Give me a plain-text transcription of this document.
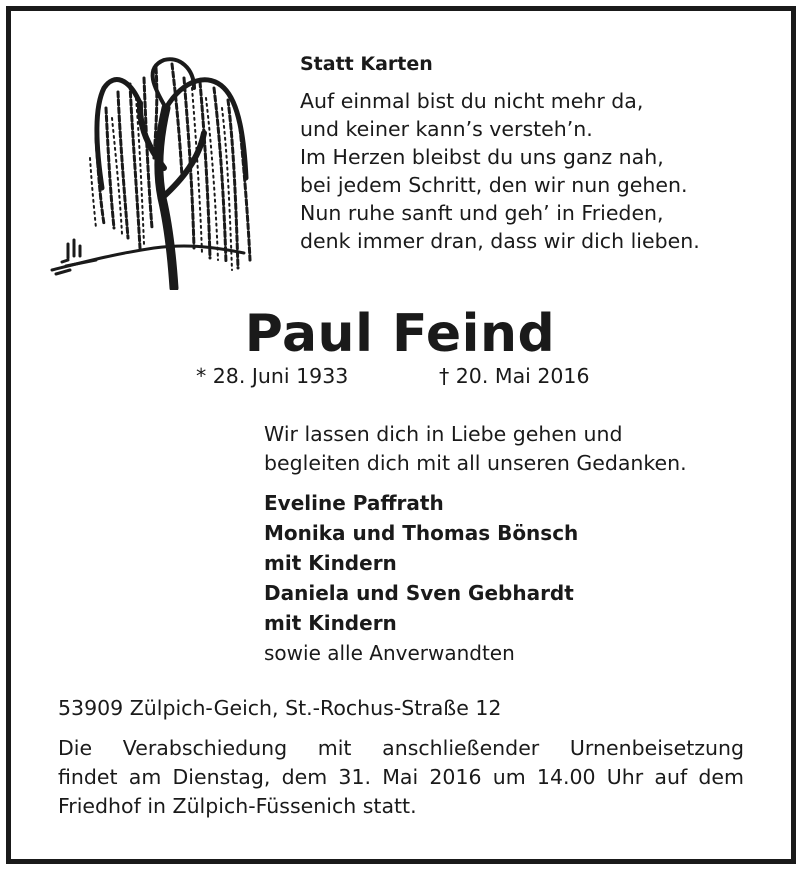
Statt Karten
Auf einmal bist du nicht mehr da,
und keiner kann’s versteh’n.
Im Herzen bleibst du uns ganz nah,
bei jedem Schritt, den wir nun gehen.
Nun ruhe sanft und geh’ in Frieden,
denk immer dran, dass wir dich lieben.
Paul Feind
* 28. Juni 1933	† 20. Mai 2016
Wir lassen dich in Liebe gehen und
begleiten dich mit all unseren Gedanken.
Eveline Paffrath
Monika und Thomas Bönsch
mit Kindern
Daniela und Sven Gebhardt
mit Kindern
sowie alle Anverwandten
53909 Zülpich-Geich, St.-Rochus-Straße 12
Die Verabschiedung mit anschließender Urnenbeisetzung
findet am Dienstag, dem 31. Mai 2016 um 14.00 Uhr auf dem
Friedhof in Zülpich-Füssenich statt.
